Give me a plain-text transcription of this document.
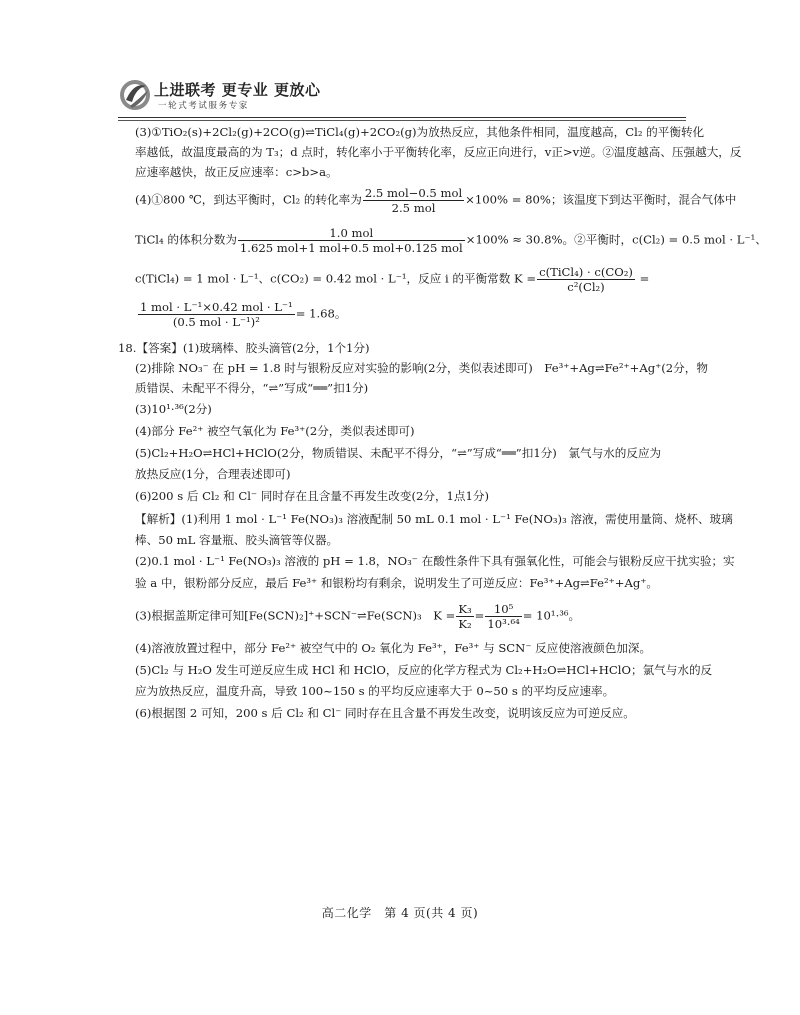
上进联考 更专业 更放心
一轮式考试服务专家
(3)①TiO₂(s)+2Cl₂(g)+2CO(g)⇌TiCl₄(g)+2CO₂(g)为放热反应，其他条件相同，温度越高，Cl₂ 的平衡转化
率越低，故温度最高的为 T₃；d 点时，转化率小于平衡转化率，反应正向进行，v正>v逆。②温度越高、压强越大，反
应速率越快，故正反应速率：c>b>a。
(4)①800 ℃，到达平衡时，Cl₂ 的转化率为 $\frac{\text{2.5 mol−0.5 mol}}{\text{2.5 mol}} \times 100\% = 80\%$；该温度下到达平衡时，混合气体中
TiCl₄ 的体积分数为 $\frac{\text{1.0 mol}}{\text{1.625 mol+1 mol+0.5 mol+0.125 mol}} \times 100\% \approx 30.8\%$。②平衡时，c(Cl₂) = 0.5 mol · L⁻¹、
c(TiCl₄) = 1 mol · L⁻¹、c(CO₂) = 0.42 mol · L⁻¹，反应 ⅰ 的平衡常数 $K = \frac{\text{c(TiCl₄) · c(CO₂)}}{\text{c²(Cl₂)}}$ =
$\frac{\text{1 mol · L⁻¹×0.42 mol · L⁻¹}}{\text{(0.5 mol · L⁻¹)²}} = 1.68$。
18.【答案】(1)玻璃棒、胶头滴管(2分，1个1分)
(2)排除 NO₃⁻ 在 pH = 1.8 时与银粉反应对实验的影响(2分，类似表述即可)　Fe³⁺+Ag⇌Fe²⁺+Ag⁺(2分，物
质错误、未配平不得分，“⇌”写成“══”扣1分)
(3)10¹·³⁶(2分)
(4)部分 Fe²⁺ 被空气氧化为 Fe³⁺(2分，类似表述即可)
(5)Cl₂+H₂O⇌HCl+HClO(2分，物质错误、未配平不得分，“⇌”写成“══”扣1分)　氯气与水的反应为
放热反应(1分，合理表述即可)
(6)200 s 后 Cl₂ 和 Cl⁻ 同时存在且含量不再发生改变(2分，1点1分)
【解析】(1)利用 1 mol · L⁻¹ Fe(NO₃)₃ 溶液配制 50 mL 0.1 mol · L⁻¹ Fe(NO₃)₃ 溶液，需使用量筒、烧杯、玻璃
棒、50 mL 容量瓶、胶头滴管等仪器。
(2)0.1 mol · L⁻¹ Fe(NO₃)₃ 溶液的 pH = 1.8，NO₃⁻ 在酸性条件下具有强氧化性，可能会与银粉反应干扰实验；实
验 a 中，银粉部分反应，最后 Fe³⁺ 和银粉均有剩余，说明发生了可逆反应：Fe³⁺+Ag⇌Fe²⁺+Ag⁺。
(3)根据盖斯定律可知[Fe(SCN)₂]⁺+SCN⁻⇌Fe(SCN)₃　$K = \frac{\text{K₃}}{\text{K₂}} = \frac{\text{10⁵}}{\text{10³·⁶⁴}} = 10^1\cdot^{36}$。
(4)溶液放置过程中，部分 Fe²⁺ 被空气中的 O₂ 氧化为 Fe³⁺，Fe³⁺ 与 SCN⁻ 反应使溶液颜色加深。
(5)Cl₂ 与 H₂O 发生可逆反应生成 HCl 和 HClO，反应的化学方程式为 Cl₂+H₂O⇌HCl+HClO；氯气与水的反
应为放热反应，温度升高，导致 100~150 s 的平均反应速率大于 0~50 s 的平均反应速率。
(6)根据图 2 可知，200 s 后 Cl₂ 和 Cl⁻ 同时存在且含量不再发生改变，说明该反应为可逆反应。
高二化学　第 4 页(共 4 页)
